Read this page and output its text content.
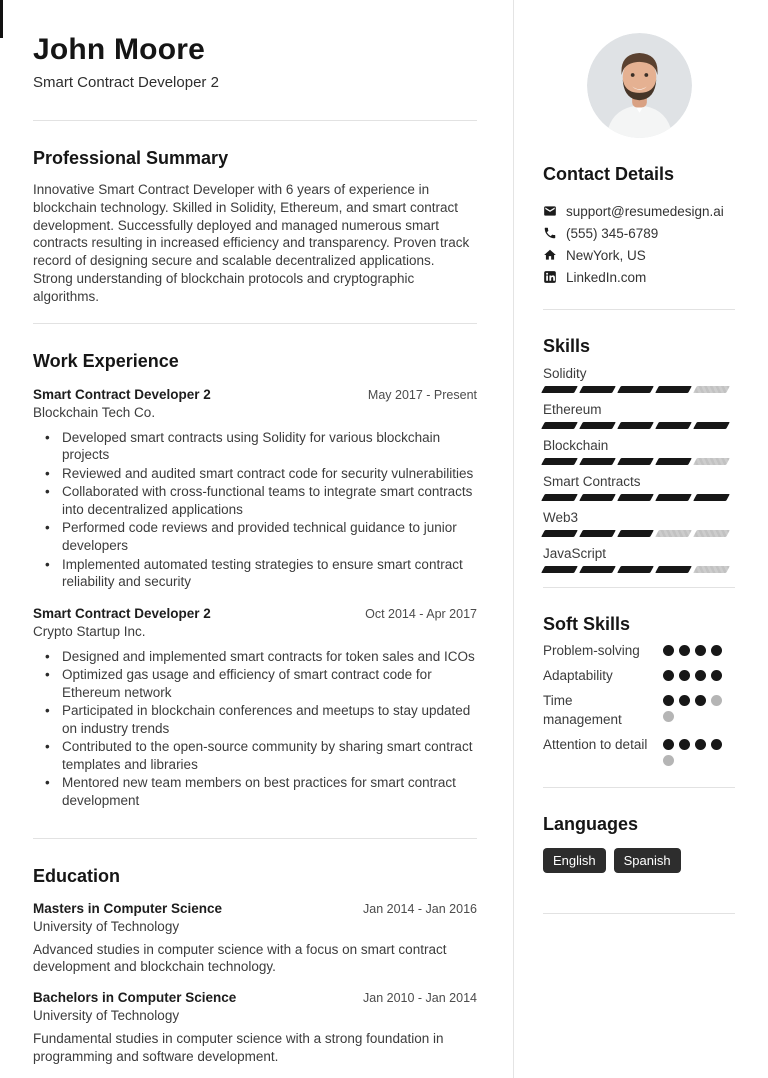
John Moore
Smart Contract Developer 2
Professional Summary

Innovative Smart Contract Developer with 6 years of experience in blockchain technology. Skilled in Solidity, Ethereum, and smart contract development. Successfully deployed and managed numerous smart contracts resulting in increased efficiency and transparency. Proven track record of designing secure and scalable decentralized applications. Strong understanding of blockchain protocols and cryptographic algorithms.

Work Experience
Smart Contract Developer 2	May 2017 - Present
Blockchain Tech Co.
• Developed smart contracts using Solidity for various blockchain projects
• Reviewed and audited smart contract code for security vulnerabilities
• Collaborated with cross-functional teams to integrate smart contracts into decentralized applications
• Performed code reviews and provided technical guidance to junior developers
• Implemented automated testing strategies to ensure smart contract reliability and security
Smart Contract Developer 2	Oct 2014 - Apr 2017
Crypto Startup Inc.
• Designed and implemented smart contracts for token sales and ICOs
• Optimized gas usage and efficiency of smart contract code for Ethereum network
• Participated in blockchain conferences and meetups to stay updated on industry trends
• Contributed to the open-source community by sharing smart contract templates and libraries
• Mentored new team members on best practices for smart contract development
Education
Masters in Computer Science	Jan 2014 - Jan 2016
University of Technology

Advanced studies in computer science with a focus on smart contract development and blockchain technology.

Bachelors in Computer Science	Jan 2010 - Jan 2014
University of Technology

Fundamental studies in computer science with a strong foundation in programming and software development.

Contact Details
support@resumedesign.ai
(555) 345-6789
NewYork, US
LinkedIn.com
Skills
Solidity
Ethereum
Blockchain
Smart Contracts
Web3
JavaScript
Soft Skills
Problem-solving
Adaptability
Time management
Attention to detail
Languages
English	Spanish
